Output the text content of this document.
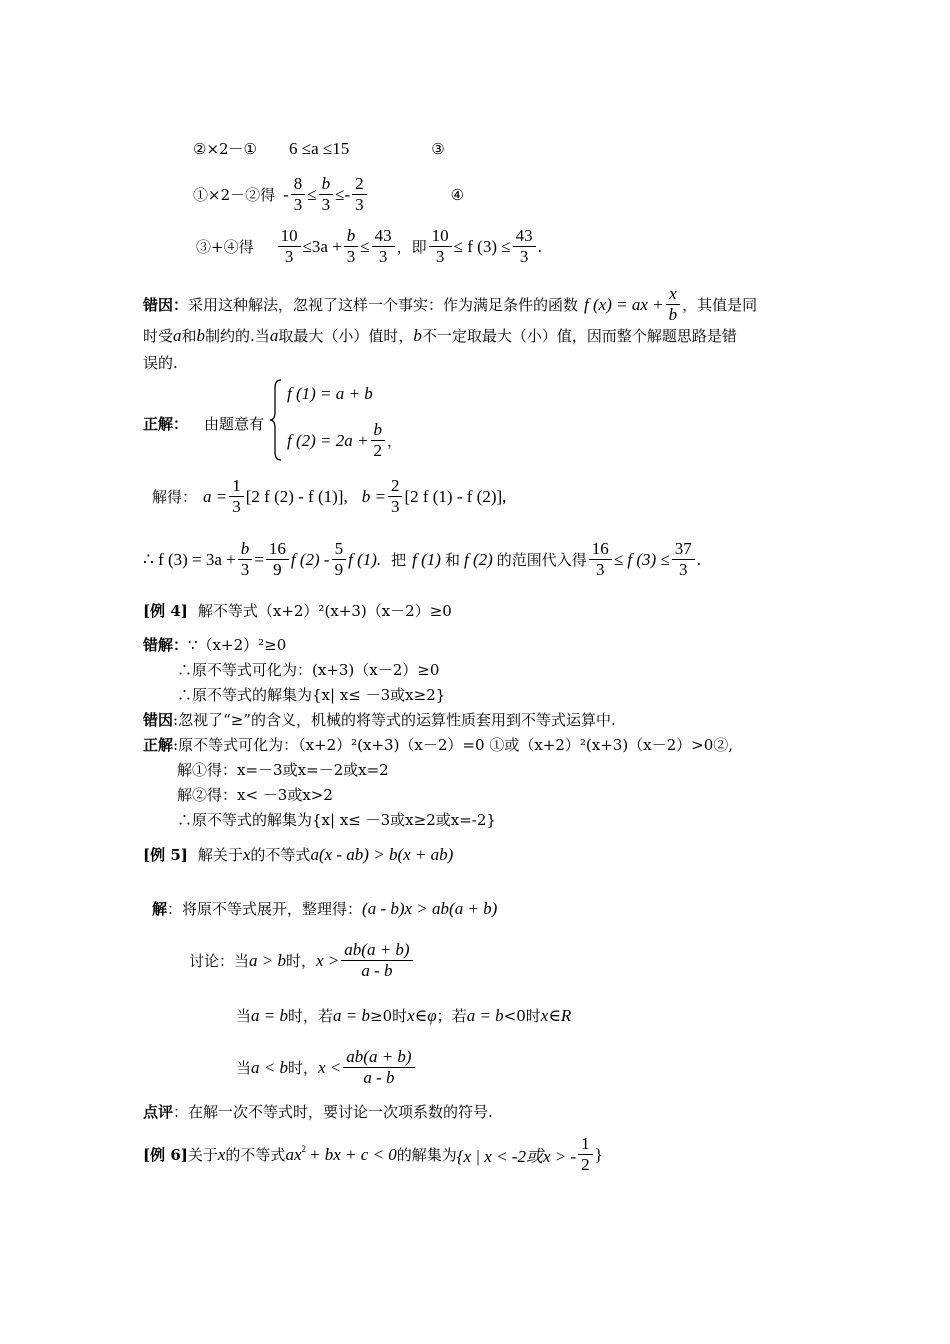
②×2－① 6 ≤a ≤15	③
①×2－②得 - $\frac{8}{3} \le \frac{b}{3} \le- \frac{2}{3}$	④
③+④得 $\frac{10}{3} \le 3a + \frac{b}{3} \le \frac{43}{3}$ ， 即 $\frac{10}{3} \le f$ $(3) \le \frac{43}{3}$ .
错因： 采用这种解法，忽视了这样一个事实：作为满足条件的函数 f (x) = ax + $\frac{x}{b}$ ，其值是同
时受 a 和 b 制约的.当 a 取最大（小）值时， b 不一定取最大（小）值，因而整个解题思路是错
误的.
正解： 由题意有
f (1) = a + b
f $(2) = 2a + \frac{b}{2}$ ，
解得： $a = \frac{1}{3} [2$ f (2) - f (1)], $b = \frac{2}{3} [2$ f (1) - f (2)],
∴ f $(3) = 3a + \frac{b}{3} = \frac{16}{9}$ f $(2) - \frac{5}{9}$ f (1). 把 f (1) 和 f (2) 的范围代入得 $\frac{16}{3} \le f$ $(3) \le \frac{37}{3}$ .
[例 4] 解不等式（x+2）²(x+3)（x－2）≥0
错解： ∵（x+2）²≥0
∴原不等式可化为：(x+3)（x－2）≥0
∴原不等式的解集为{x| x≤ －3或x≥2}
错因 :忽视了“≥”的含义，机械的将等式的运算性质套用到不等式运算中.
正解 :原不等式可化为：（x+2）²(x+3)（x－2）=0 ①或（x+2）²(x+3)（x－2）>0②,
解①得：x=－3或x=－2或x=2
解②得：x< －3或x>2
∴原不等式的解集为{x| x≤ －3或x≥2或x=-2}
[例 5] 解关于 x 的不等式 a(x - ab) > b(x + ab)
解 ：将原不等式展开，整理得： (a - b)x > ab(a + b)
讨论：当 a > b 时， $x > \frac{ab(a + b)}{a - b}$
当 a = b 时，若 a = b ≥0时 x∈φ ；若 a = b <0时 x∈R
当 a < b 时， $x < \frac{ab(a + b)}{a - b}$
点评 ：在解一次不等式时，要讨论一次项系数的符号.
[例 6] 关于 x 的不等式 ax 2 + bx + c < 0 的解集为 {x | x < -2或x > - $\frac{1}{2}$ }
